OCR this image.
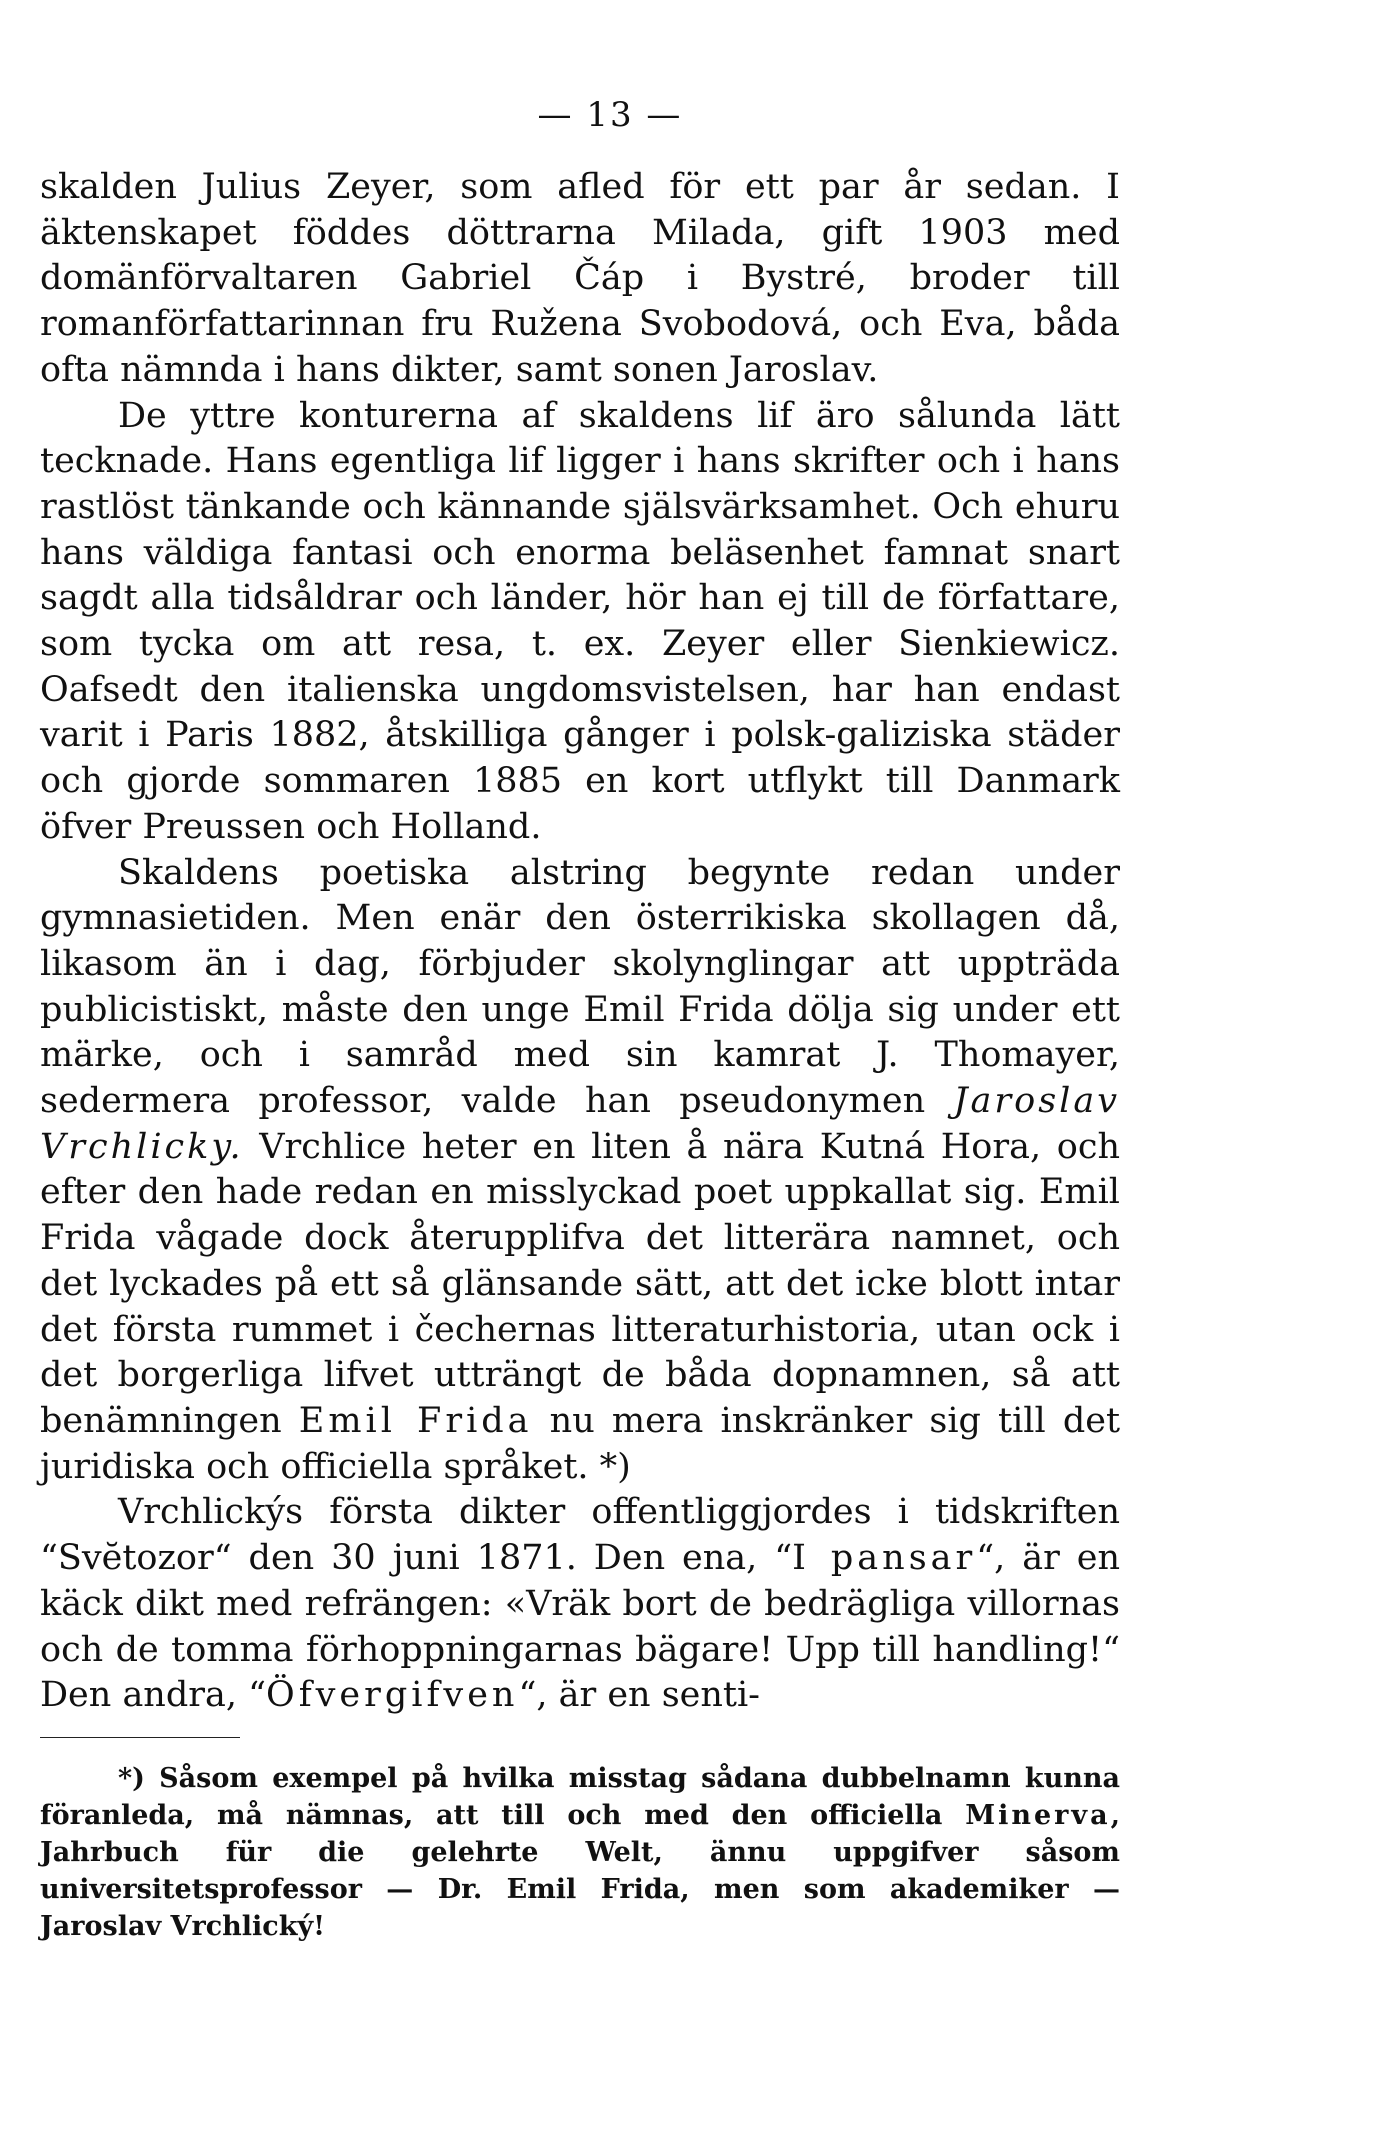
— 13 —

skalden Julius Zeyer, som afled för ett par år sedan. I äktenskapet föddes döttrarna Milada, gift 1903 med domänförvaltaren Gabriel Čáp i Bystré, broder till romanförfattarinnan fru Ružena Svobodová, och Eva, båda ofta nämnda i hans dikter, samt sonen Jaroslav.

De yttre konturerna af skaldens lif äro sålunda lätt tecknade. Hans egentliga lif ligger i hans skrifter och i hans rastlöst tänkande och kännande själsvärksamhet. Och ehuru hans väldiga fantasi och enorma beläsenhet famnat snart sagdt alla tidsåldrar och länder, hör han ej till de författare, som tycka om att resa, t. ex. Zeyer eller Sienkiewicz. Oafsedt den italienska ungdomsvistelsen, har han endast varit i Paris 1882, åtskilliga gånger i polsk-galiziska städer och gjorde sommaren 1885 en kort utflykt till Danmark öfver Preussen och Holland.

Skaldens poetiska alstring begynte redan under gymnasietiden. Men enär den österrikiska skollagen då, likasom än i dag, förbjuder skolynglingar att uppträda publicistiskt, måste den unge Emil Frida dölja sig under ett märke, och i samråd med sin kamrat J. Thomayer, sedermera professor, valde han pseudonymen Jaroslav Vrchlicky. Vrchlice heter en liten å nära Kutná Hora, och efter den hade redan en misslyckad poet uppkallat sig. Emil Frida vågade dock återupplifva det litterära namnet, och det lyckades på ett så glänsande sätt, att det icke blott intar det första rummet i čechernas litteraturhistoria, utan ock i det borgerliga lifvet utträngt de båda dopnamnen, så att benämningen Emil Frida nu mera inskränker sig till det juridiska och officiella språket. *)

Vrchlickýs första dikter offentliggjordes i tidskriften “Svĕtozor“ den 30 juni 1871. Den ena, “I pansar“, är en käck dikt med refrängen: «Vräk bort de bedrägliga villornas och de tomma förhoppningarnas bägare! Upp till handling!“ Den andra, “Öfvergifven“, är en senti-

*) Såsom exempel på hvilka misstag sådana dubbelnamn kunna föranleda, må nämnas, att till och med den officiella Minerva, Jahrbuch für die gelehrte Welt, ännu uppgifver såsom universitetsprofessor — Dr. Emil Frida, men som akademiker — Jaroslav Vrchlický!
